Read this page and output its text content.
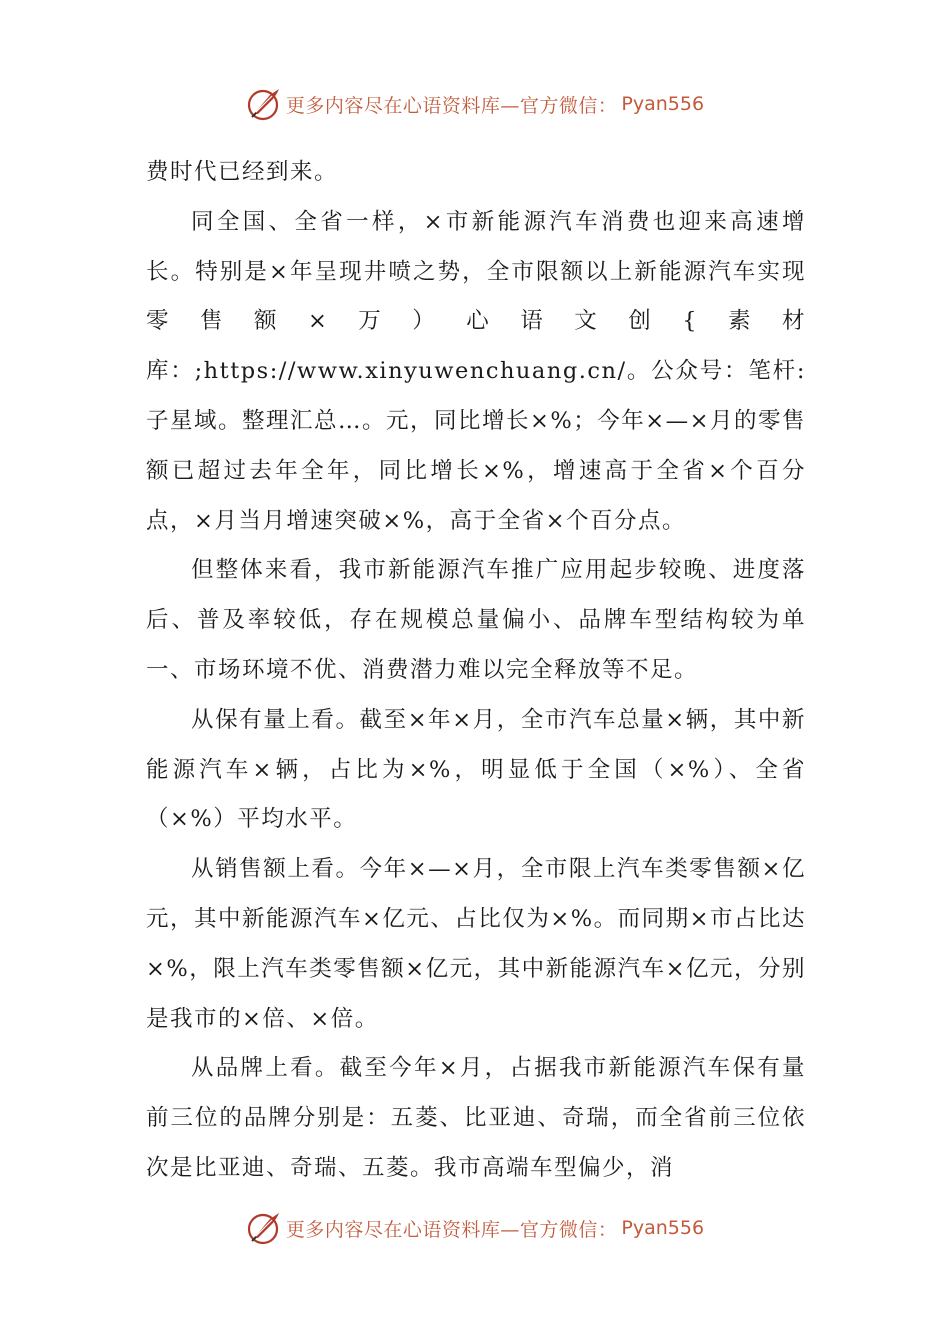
更多内容尽在心语资料库—官方微信： Pyan556

费时代已经到来。

同全国、全省一样，×市新能源汽车消费也迎来高速增长。特别是×年呈现井喷之势，全市限额以上新能源汽车实现零售额×万）心语文创{素材库：;https://www.xinyuwenchuang.cn/。公众号：笔杆:子星域。整理汇总…。元，同比增长×%；今年×—×月的零售额已超过去年全年，同比增长×%，增速高于全省×个百分点，×月当月增速突破×%，高于全省×个百分点。

但整体来看，我市新能源汽车推广应用起步较晚、进度落后、普及率较低，存在规模总量偏小、品牌车型结构较为单一、市场环境不优、消费潜力难以完全释放等不足。

从保有量上看。截至×年×月，全市汽车总量×辆，其中新能源汽车×辆，占比为×%，明显低于全国（×%）、全省（×%）平均水平。

从销售额上看。今年×—×月，全市限上汽车类零售额×亿元，其中新能源汽车×亿元、占比仅为×%。而同期×市占比达×%，限上汽车类零售额×亿元，其中新能源汽车×亿元，分别是我市的×倍、×倍。

从品牌上看。截至今年×月，占据我市新能源汽车保有量前三位的品牌分别是：五菱、比亚迪、奇瑞，而全省前三位依次是比亚迪、奇瑞、五菱。我市高端车型偏少，消

更多内容尽在心语资料库—官方微信： Pyan556
